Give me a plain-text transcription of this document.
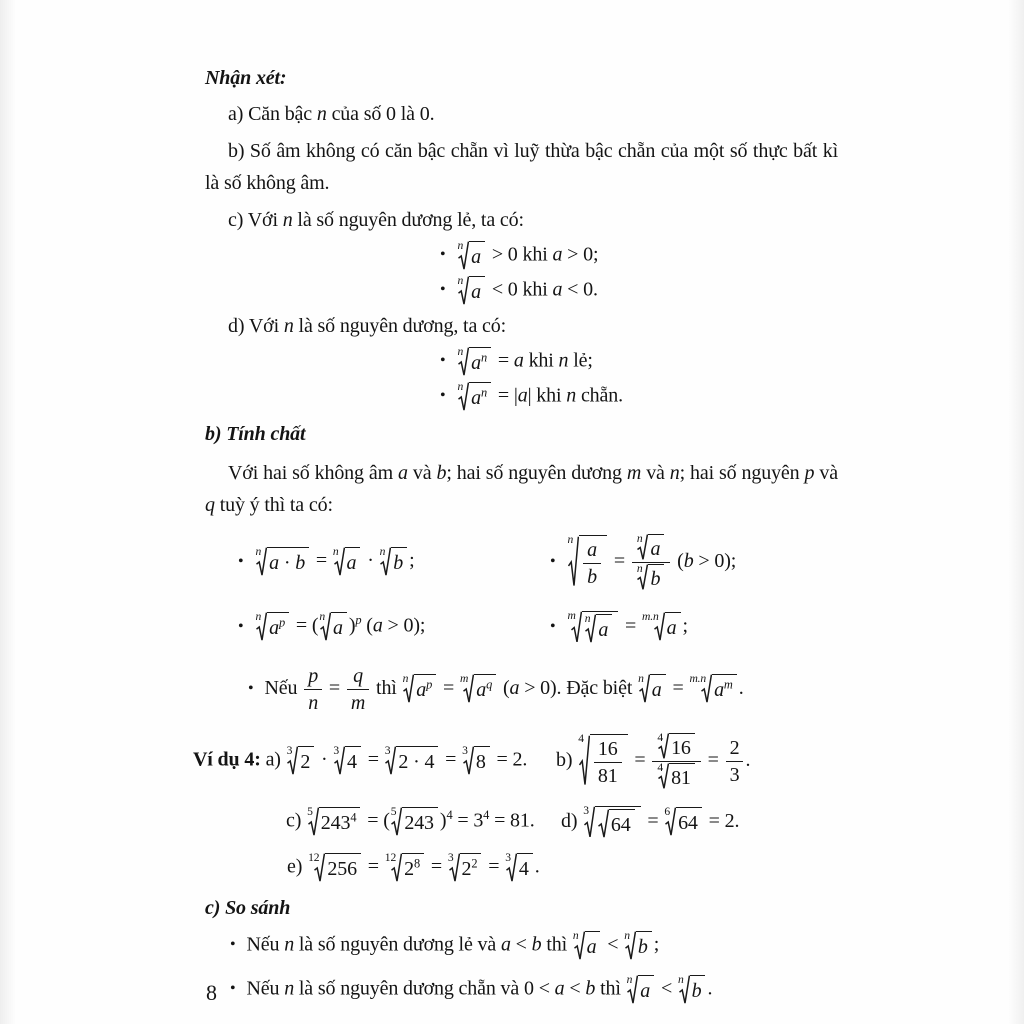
Nhận xét:
a) Căn bậc n của số 0 là 0.
b) Số âm không có căn bậc chẵn vì luỹ thừa bậc chẵn của một số thực bất kì là số không âm.
c) Với n là số nguyên dương lẻ, ta có:
•
n
a > 0 khi a > 0;
•
n
a < 0 khi a < 0.
d) Với n là số nguyên dương, ta có:
•
n
$a^n = a$ khi n lẻ;
•
n
$a^n = |a|$ khi n chẵn.
b) Tính chất
Với hai số không âm a và b; hai số nguyên dương m và n; hai số nguyên p và q tuỳ ý thì ta có:
•
n
a · b = n
a · n
b ;	•
n $\frac{a}{b} = \frac{\text{n a}}{\text{n b}} (b > 0)$;
•
n
$a^p$ = ( n
a )$^p$ (a > 0);	•
m n
a = m.n
a ;
• Nếu $\frac{p}{n} = \frac{q}{m}$ thì n
$a^p = m$
$a^q$ (a > 0). Đặc biệt n
a = m.n
$a^m$ .
Ví dụ 4: a) 3
2 · 3
4 = 3
2 · 4 = 3
8 = 2.	b)
$4 \frac{16}{81} = \frac{4 16}{4 81} = \frac{2}{3}$ .
c) 5
$243^4$ = ( 5
243 )$^4 = 3^4 = 81$.	d) 3
64 = 6
64 = 2.
e) 12
256 = 12
$2^8 = 3$
$2^2 = 3$
4 .
c) So sánh
• Nếu n là số nguyên dương lẻ và a < b thì n
a < n
b ;
• Nếu n là số nguyên dương chẵn và 0 < a < b thì n
a < n
b .
8
